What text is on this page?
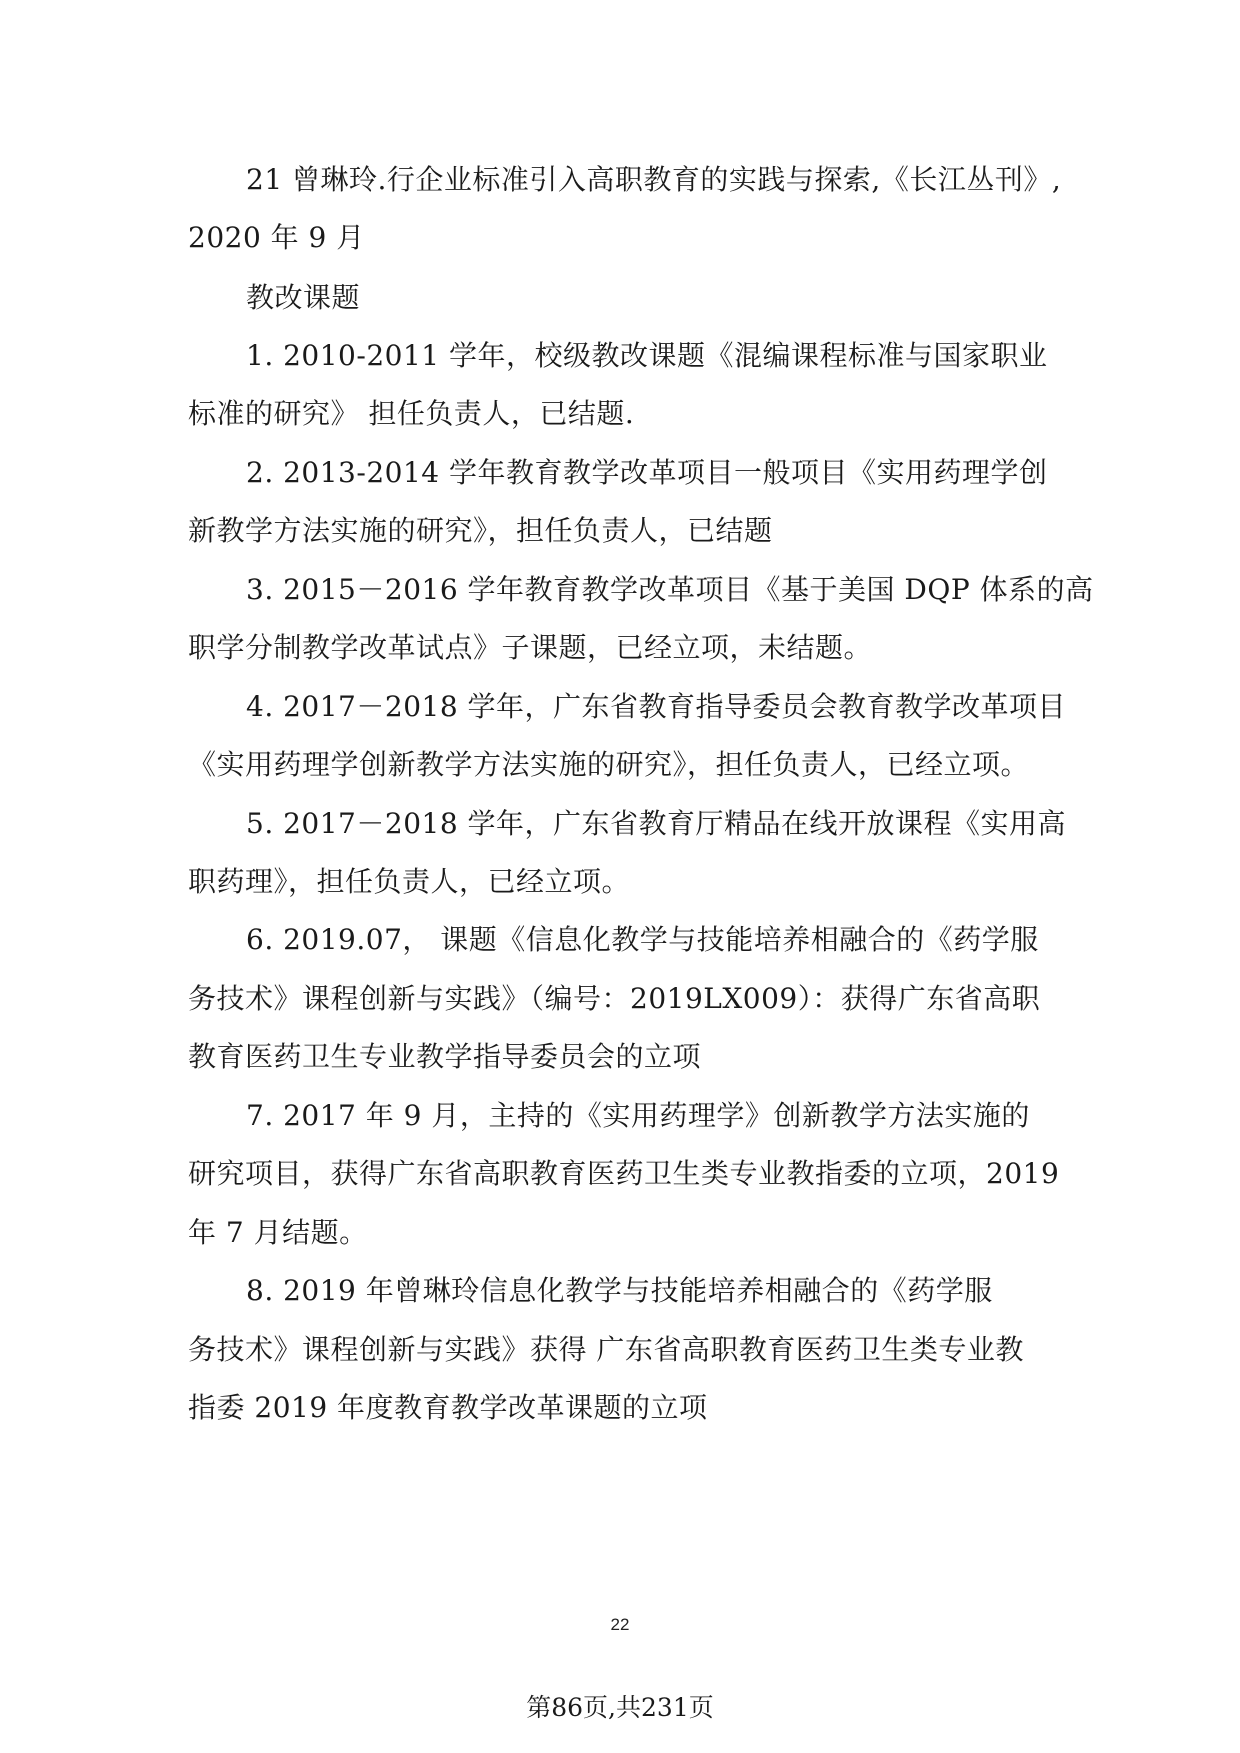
21 曾琳玲.行企业标准引入高职教育的实践与探索,《长江丛刊》,
2020 年 9 月
教改课题
1. 2010-2011 学年，校级教改课题《混编课程标准与国家职业
标准的研究》 担任负责人，已结题.
2. 2013-2014 学年教育教学改革项目一般项目《实用药理学创
新教学方法实施的研究》，担任负责人，已结题
3. 2015－2016 学年教育教学改革项目《基于美国 DQP 体系的高
职学分制教学改革试点》子课题，已经立项，未结题。
4. 2017－2018 学年，广东省教育指导委员会教育教学改革项目
《实用药理学创新教学方法实施的研究》，担任负责人，已经立项。
5. 2017－2018 学年，广东省教育厅精品在线开放课程《实用高
职药理》，担任负责人，已经立项。
6. 2019.07， 课题《信息化教学与技能培养相融合的《药学服
务技术》课程创新与实践》（编号：2019LX009）：获得广东省高职
教育医药卫生专业教学指导委员会的立项
7. 2017 年 9 月，主持的《实用药理学》创新教学方法实施的
研究项目，获得广东省高职教育医药卫生类专业教指委的立项，2019
年 7 月结题。
8. 2019 年曾琳玲信息化教学与技能培养相融合的《药学服
务技术》课程创新与实践》获得 广东省高职教育医药卫生类专业教
指委 2019 年度教育教学改革课题的立项
22
第86页,共231页
